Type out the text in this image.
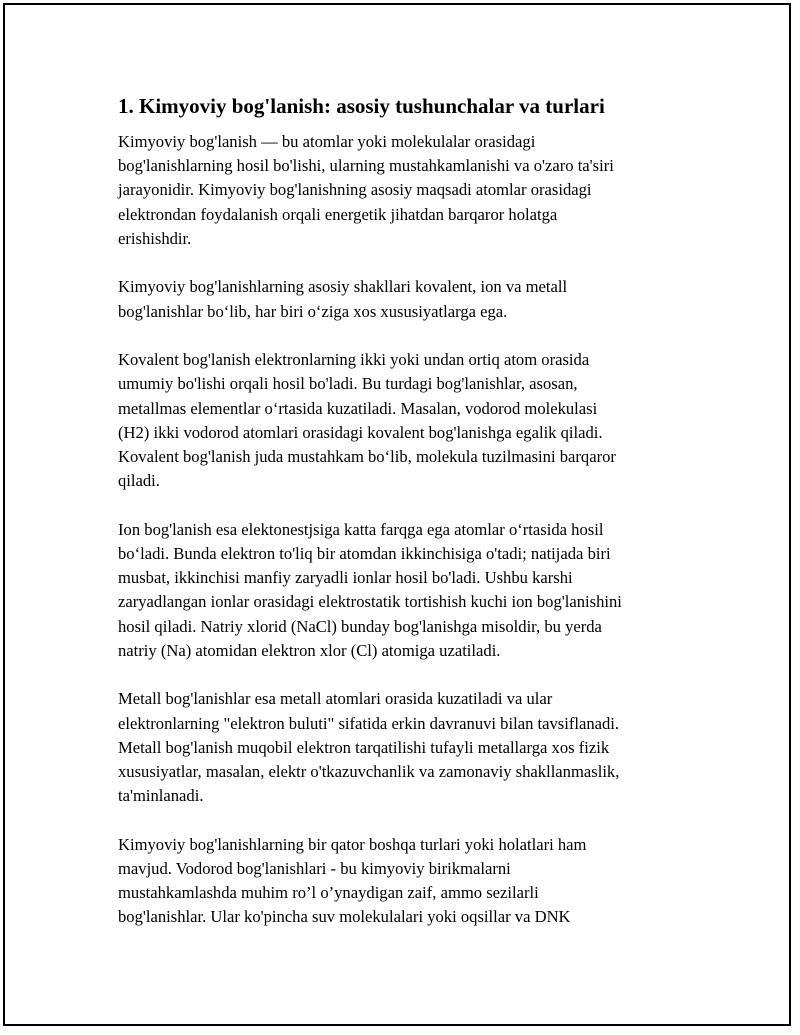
1. Kimyoviy bog'lanish: asosiy tushunchalar va turlari

Kimyoviy bog'lanish — bu atomlar yoki molekulalar orasidagi
bog'lanishlarning hosil bo'lishi, ularning mustahkamlanishi va o'zaro ta'siri
jarayonidir. Kimyoviy bog'lanishning asosiy maqsadi atomlar orasidagi
elektrondan foydalanish orqali energetik jihatdan barqaror holatga
erishishdir.

Kimyoviy bog'lanishlarning asosiy shakllari kovalent, ion va metall
bog'lanishlar bo‘lib, har biri o‘ziga xos xususiyatlarga ega.

Kovalent bog'lanish elektronlarning ikki yoki undan ortiq atom orasida
umumiy bo'lishi orqali hosil bo'ladi. Bu turdagi bog'lanishlar, asosan,
metallmas elementlar o‘rtasida kuzatiladi. Masalan, vodorod molekulasi
(H2) ikki vodorod atomlari orasidagi kovalent bog'lanishga egalik qiladi.
Kovalent bog'lanish juda mustahkam bo‘lib, molekula tuzilmasini barqaror
qiladi.

Ion bog'lanish esa elektonestjsiga katta farqga ega atomlar o‘rtasida hosil
bo‘ladi. Bunda elektron to'liq bir atomdan ikkinchisiga o'tadi; natijada biri
musbat, ikkinchisi manfiy zaryadli ionlar hosil bo'ladi. Ushbu karshi
zaryadlangan ionlar orasidagi elektrostatik tortishish kuchi ion bog'lanishini
hosil qiladi. Natriy xlorid (NaCl) bunday bog'lanishga misoldir, bu yerda
natriy (Na) atomidan elektron xlor (Cl) atomiga uzatiladi.

Metall bog'lanishlar esa metall atomlari orasida kuzatiladi va ular
elektronlarning "elektron buluti" sifatida erkin davranuvi bilan tavsiflanadi.
Metall bog'lanish muqobil elektron tarqatilishi tufayli metallarga xos fizik
xususiyatlar, masalan, elektr o'tkazuvchanlik va zamonaviy shakllanmaslik,
ta'minlanadi.

Kimyoviy bog'lanishlarning bir qator boshqa turlari yoki holatlari ham
mavjud. Vodorod bog'lanishlari - bu kimyoviy birikmalarni
mustahkamlashda muhim ro’l o’ynaydigan zaif, ammo sezilarli
bog'lanishlar. Ular ko'pincha suv molekulalari yoki oqsillar va DNK
